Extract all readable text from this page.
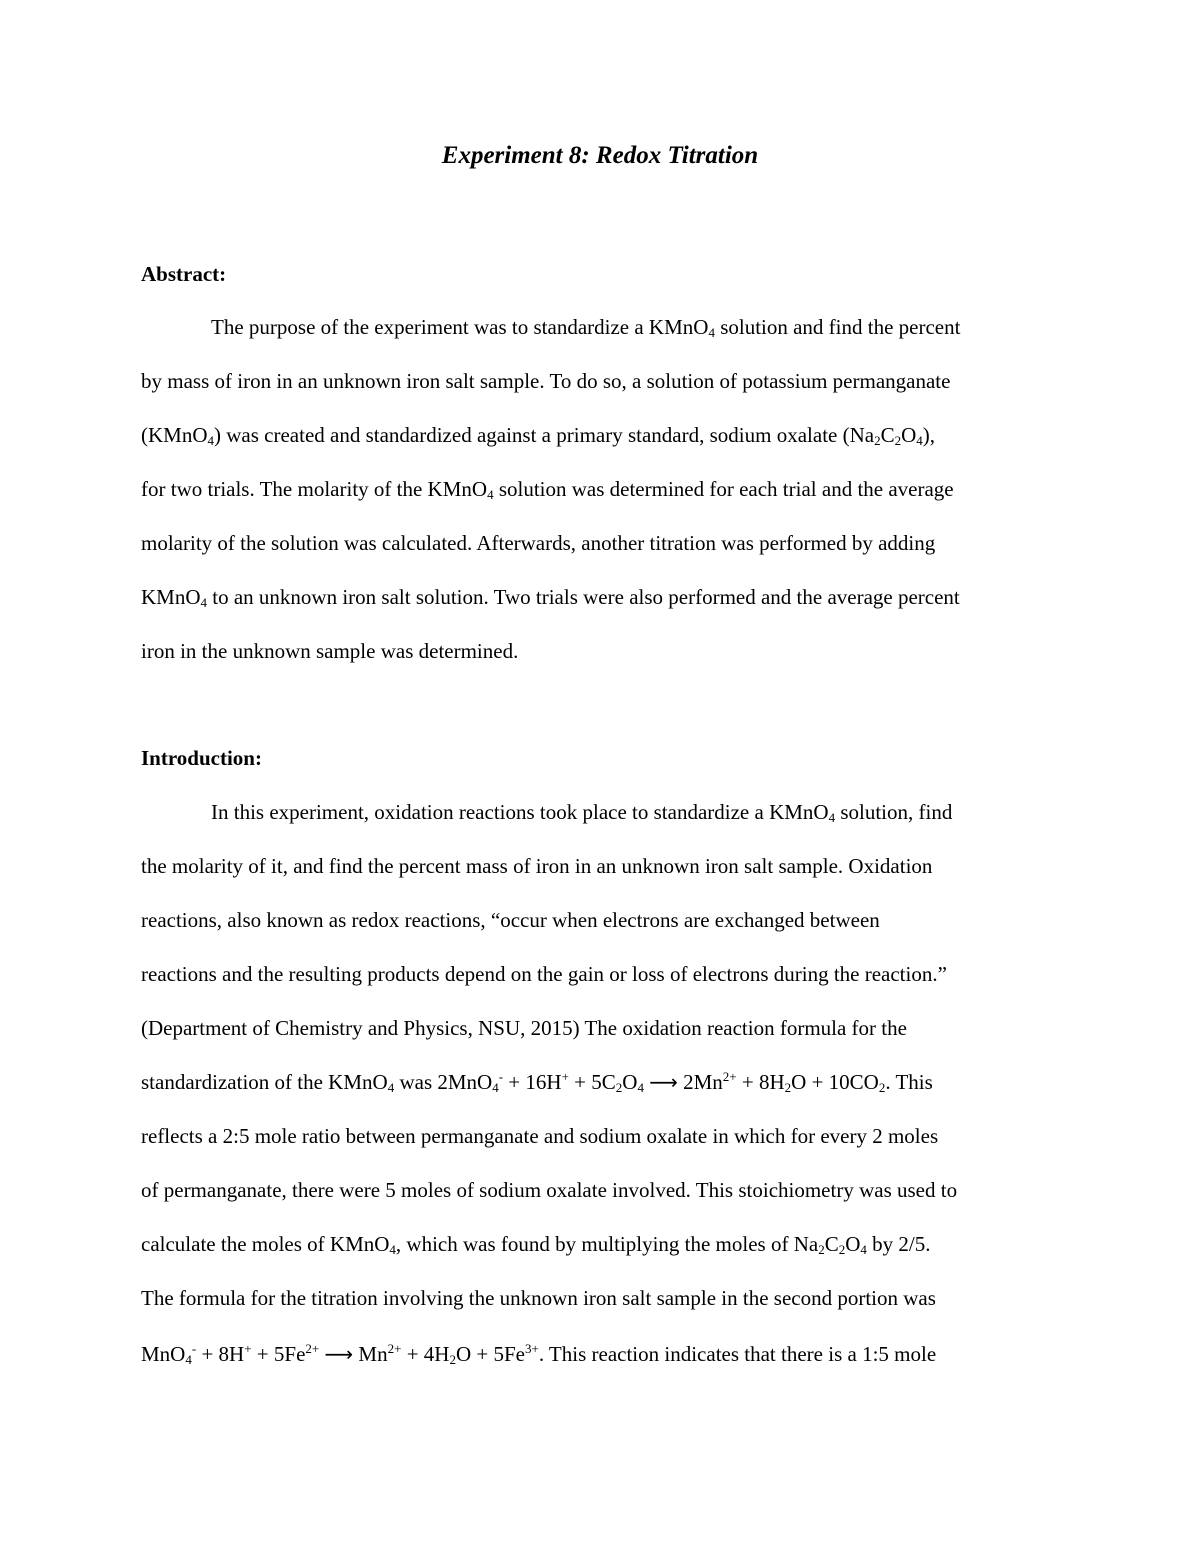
Experiment 8: Redox Titration
Abstract:
The purpose of the experiment was to standardize a KMnO$_4$ solution and find the percent
by mass of iron in an unknown iron salt sample. To do so, a solution of potassium permanganate
(KMnO$_4$) was created and standardized against a primary standard, sodium oxalate $(Na_2C_2O_4)$,
for two trials. The molarity of the KMnO$_4$ solution was determined for each trial and the average
molarity of the solution was calculated. Afterwards, another titration was performed by adding
KMnO$_4$ to an unknown iron salt solution. Two trials were also performed and the average percent
iron in the unknown sample was determined.
Introduction:
In this experiment, oxidation reactions took place to standardize a KMnO$_4$ solution, find
the molarity of it, and find the percent mass of iron in an unknown iron salt sample. Oxidation
reactions, also known as redox reactions, “occur when electrons are exchanged between
reactions and the resulting products depend on the gain or loss of electrons during the reaction.”
(Department of Chemistry and Physics, NSU, 2015) The oxidation reaction formula for the
standardization of the KMnO$_4$ was $2MnO_4^- + 16H^+ + 5C_2O_4$ ⟶ $2Mn^{2+} + 8H_2O + 10CO_2$. This
reflects a 2:5 mole ratio between permanganate and sodium oxalate in which for every 2 moles
of permanganate, there were 5 moles of sodium oxalate involved. This stoichiometry was used to
calculate the moles of KMnO$_4$, which was found by multiplying the moles of $Na_2C_2O_4$ by 2/5.
The formula for the titration involving the unknown iron salt sample in the second portion was
$MnO_4^- + 8H^+ + 5Fe^{2+}$ ⟶ $Mn^{2+} + 4H_2O + 5Fe^{3+}$. This reaction indicates that there is a 1:5 mole
